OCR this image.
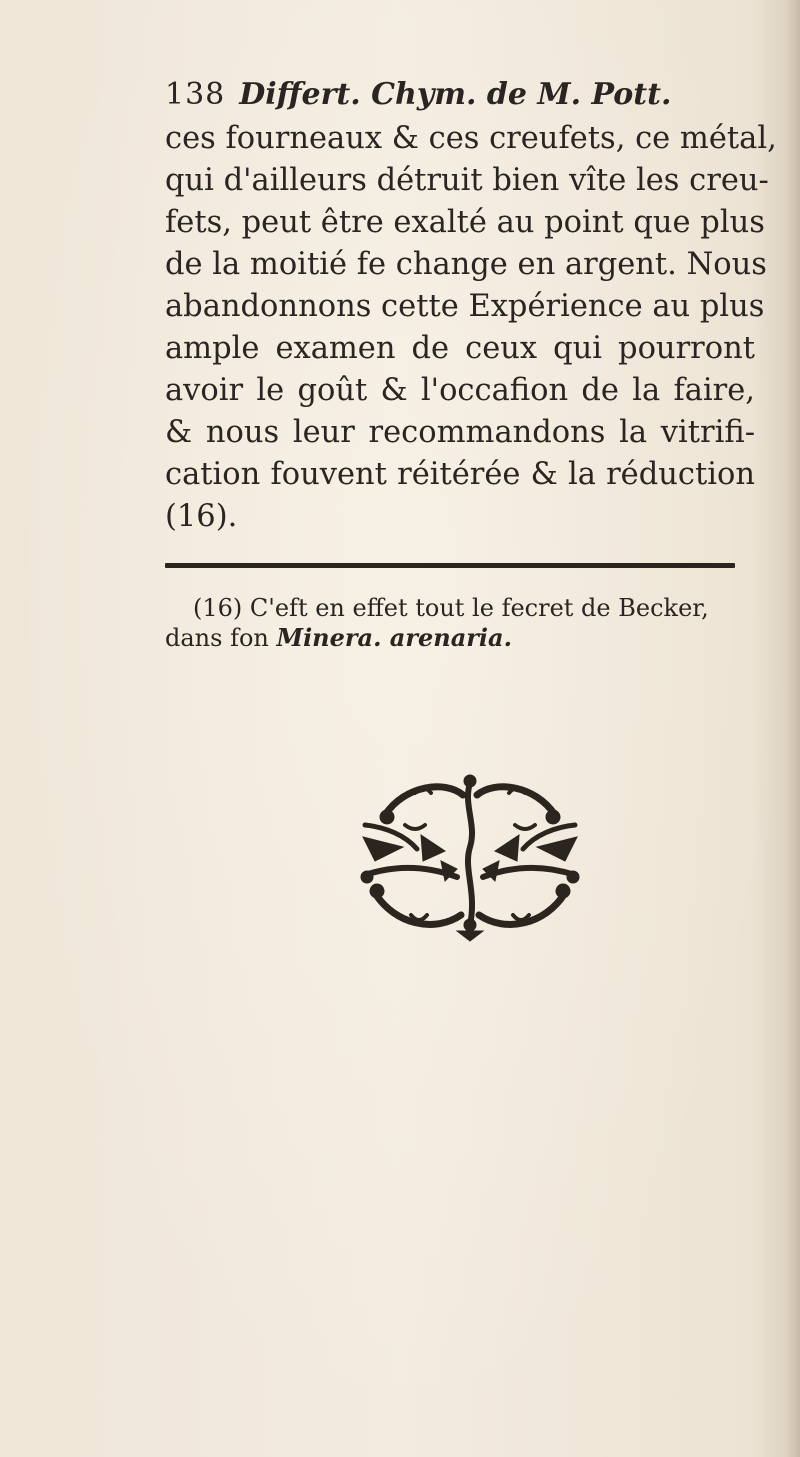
138 Differt. Chym. de M. Pott.
ces fourneaux & ces creufets, ce métal,
qui d'ailleurs détruit bien vîte les creu-
fets, peut être exalté au point que plus
de la moitié fe change en argent. Nous
abandonnons cette Expérience au plus
ample examen de ceux qui pourront
avoir le goût & l'occafion de la faire,
& nous leur recommandons la vitrifi-
cation fouvent réitérée & la réduction
(16).
(16) C'eft en effet tout le fecret de Becker,
dans fon Minera. arenaria.
